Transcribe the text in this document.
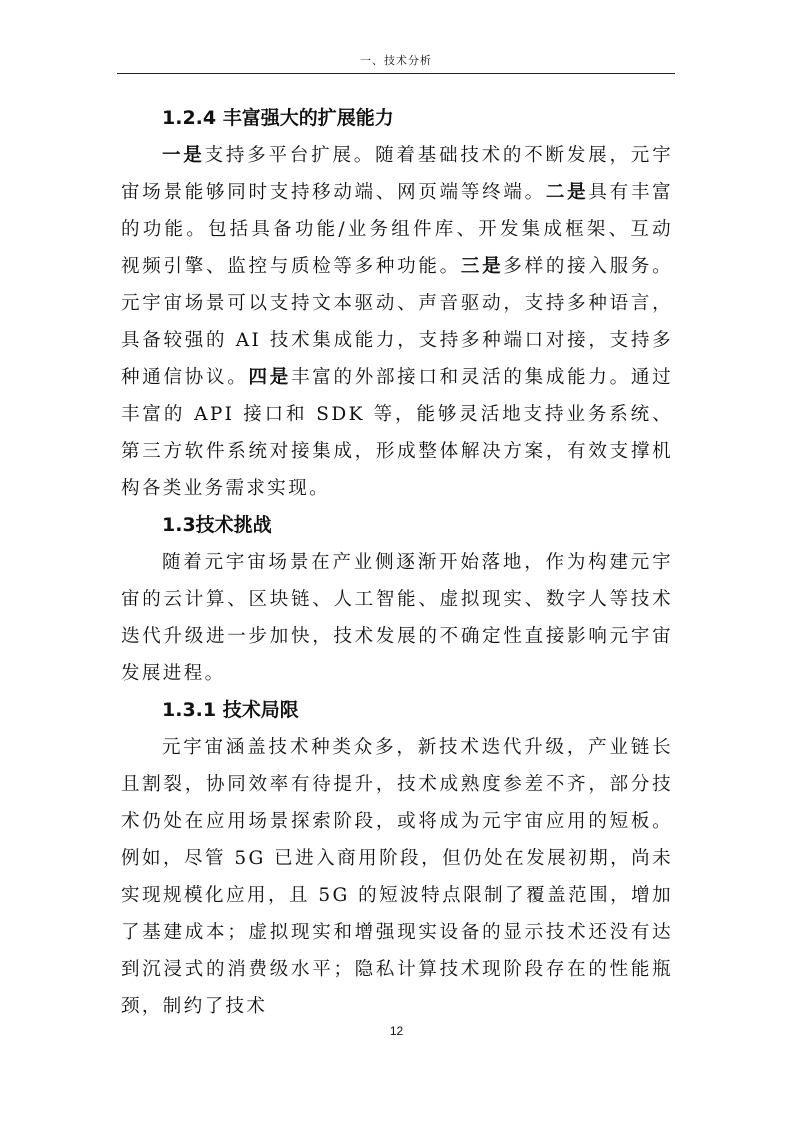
一、技术分析
1.2.4 丰富强大的扩展能力

一是支持多平台扩展。随着基础技术的不断发展，元宇宙场景能够同时支持移动端、网页端等终端。二是具有丰富的功能。包括具备功能/业务组件库、开发集成框架、互动视频引擎、监控与质检等多种功能。三是多样的接入服务。元宇宙场景可以支持文本驱动、声音驱动，支持多种语言，具备较强的 AI 技术集成能力，支持多种端口对接，支持多种通信协议。四是丰富的外部接口和灵活的集成能力。通过丰富的 API 接口和 SDK 等，能够灵活地支持业务系统、第三方软件系统对接集成，形成整体解决方案，有效支撑机构各类业务需求实现。

1.3技术挑战

随着元宇宙场景在产业侧逐渐开始落地，作为构建元宇宙的云计算、区块链、人工智能、虚拟现实、数字人等技术迭代升级进一步加快，技术发展的不确定性直接影响元宇宙发展进程。

1.3.1 技术局限

元宇宙涵盖技术种类众多，新技术迭代升级，产业链长且割裂，协同效率有待提升，技术成熟度参差不齐，部分技术仍处在应用场景探索阶段，或将成为元宇宙应用的短板。例如，尽管 5G 已进入商用阶段，但仍处在发展初期，尚未实现规模化应用，且 5G 的短波特点限制了覆盖范围，增加了基建成本；虚拟现实和增强现实设备的显示技术还没有达到沉浸式的消费级水平；隐私计算技术现阶段存在的性能瓶颈，制约了技术

12
